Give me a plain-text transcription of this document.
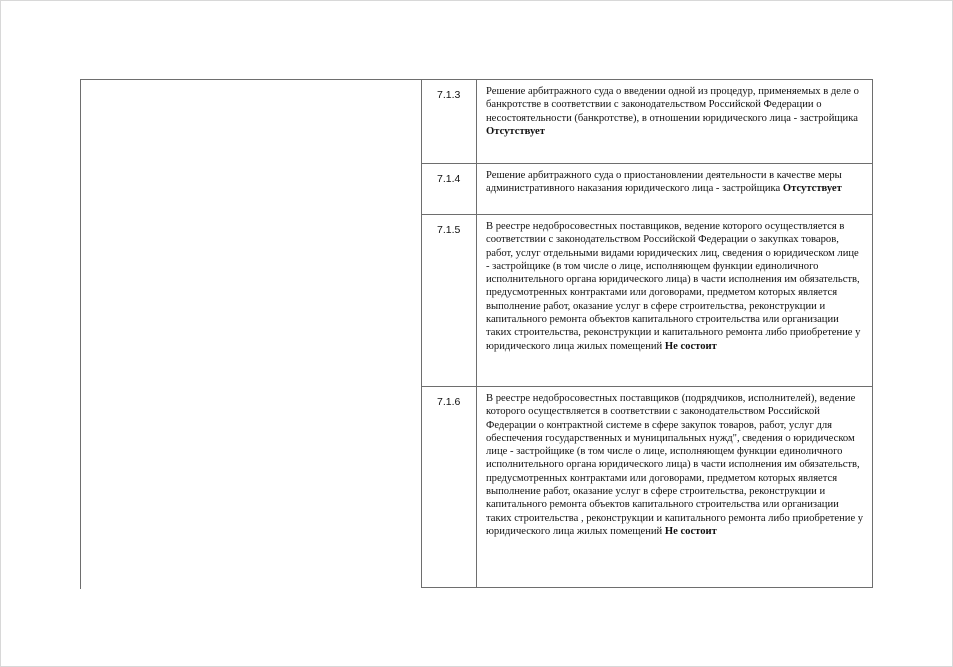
7.1.3	Решение арбитражного суда о введении одной из процедур, применяемых в деле о банкротстве в соответствии с законодательством Российской Федерации о несостоятельности (банкротстве), в отношении юридического лица - застройщика Отсутствует
7.1.4	Решение арбитражного суда о приостановлении деятельности в качестве меры административного наказания юридического лица - застройщика Отсутствует
7.1.5	В реестре недобросовестных поставщиков, ведение которого осуществляется в соответствии с законодательством Российской Федерации о закупках товаров, работ, услуг отдельными видами юридических лиц, сведения о юридическом лице - застройщике (в том числе о лице, исполняющем функции единоличного исполнительного органа юридического лица) в части исполнения им обязательств, предусмотренных контрактами или договорами, предметом которых является выполнение работ, оказание услуг в сфере строительства, реконструкции и капитального ремонта объектов капитального строительства или организации таких строительства, реконструкции и капитального ремонта либо приобретение у юридического лица жилых помещений Не состоит
7.1.6	В реестре недобросовестных поставщиков (подрядчиков, исполнителей), ведение которого осуществляется в соответствии с законодательством Российской Федерации о контрактной системе в сфере закупок товаров, работ, услуг для обеспечения государственных и муниципальных нужд", сведения о юридическом лице - застройщике (в том числе о лице, исполняющем функции единоличного исполнительного органа юридического лица) в части исполнения им обязательств, предусмотренных контрактами или договорами, предметом которых является выполнение работ, оказание услуг в сфере строительства, реконструкции и капитального ремонта объектов капитального строительства или организации таких строительства , реконструкции и капитального ремонта либо приобретение у юридического лица жилых помещений Не состоит
